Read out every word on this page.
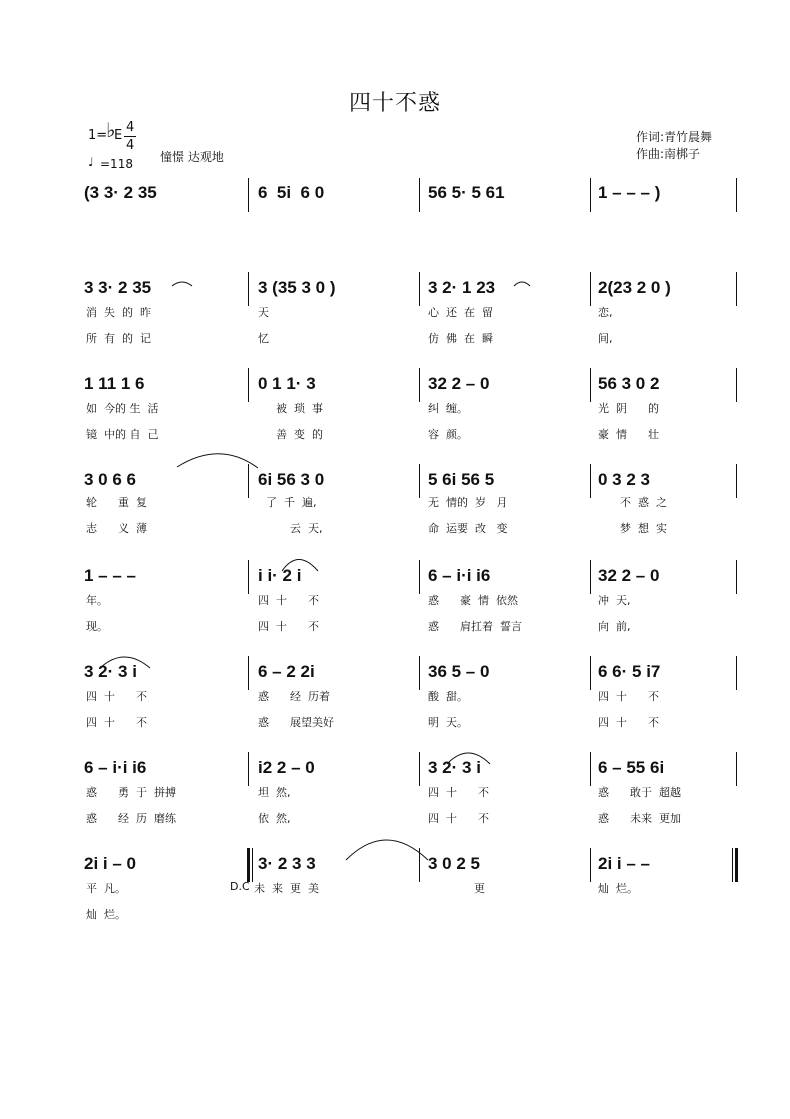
四十不惑
1=
♭
E
4
4
♩ =118 憧憬 达观地
作词:青竹晨舞
作曲:南梆子
(3 3· 2 35	6  5i  6 0	56 5· 5 61	1 – – – )
3 3· 2 35	3 (35 3 0 )	3 2· 1 23	2(23 2 0 )
消  失  的  昨	天	心  还  在  留	恋,
所  有  的  记	忆	仿  佛  在  瞬	间,
1 11 1 6	0 1 1· 3	32 2 – 0	56 3 0 2
如  今的 生  活	被  琐  事	纠  缠。	光  阴      的
镜  中的 自  己	善  变  的	容  颜。	豪  情      壮
3 0 6 6	6i 56 3 0	5 6i 56 5	0 3 2 3
轮      重  复	了  千  遍,	无  情的  岁   月	不  惑  之
志      义  薄	云  天,	命  运要  改   变	梦  想  实
1 – – –	i i· 2 i	6 – i·i i6	32 2 – 0
年。	四  十      不	惑      豪  情  依然	冲  天,
现。	四  十      不	惑      肩扛着  誓言	向  前,
3 2· 3 i	6 – 2 2i	36 5 – 0	6 6· 5 i7
四  十      不	惑      经  历着	酸  甜。	四  十      不
四  十      不	惑      展望美好	明  天。	四  十      不
6 – i·i i6	i2 2 – 0	3 2· 3 i	6 – 55 6i
惑      勇  于  拼搏	坦  然,	四  十      不	惑      敢于  超越
惑      经  历  磨练	依  然,	四  十      不	惑      未来  更加
2i i – 0	3· 2 3 3	3 0 2 5	2i i – –
平  凡。	D.C 未  来  更  美	更	灿  烂。
灿  烂。
